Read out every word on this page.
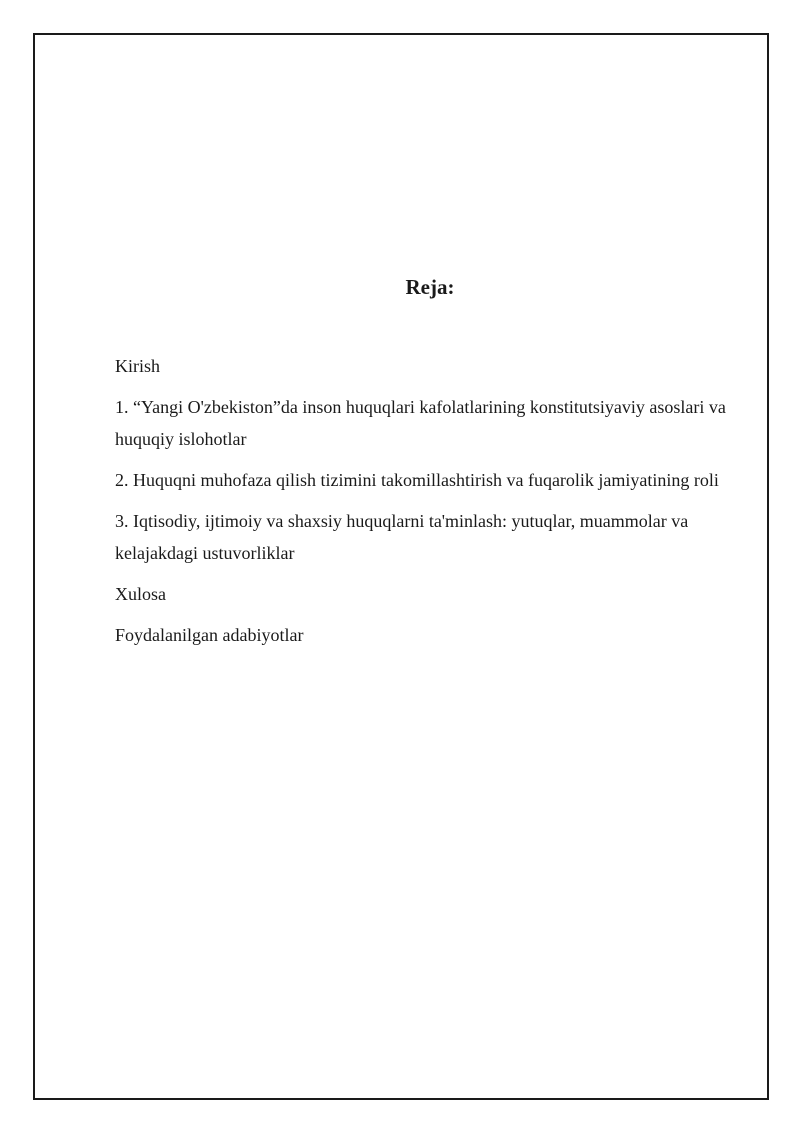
Reja:
Kirish
1. “Yangi O'zbekiston”da inson huquqlari kafolatlarining konstitutsiyaviy asoslari va huquqiy islohotlar
2. Huquqni muhofaza qilish tizimini takomillashtirish va fuqarolik jamiyatining roli
3. Iqtisodiy, ijtimoiy va shaxsiy huquqlarni ta'minlash: yutuqlar, muammolar va kelajakdagi ustuvorliklar
Xulosa
Foydalanilgan adabiyotlar
